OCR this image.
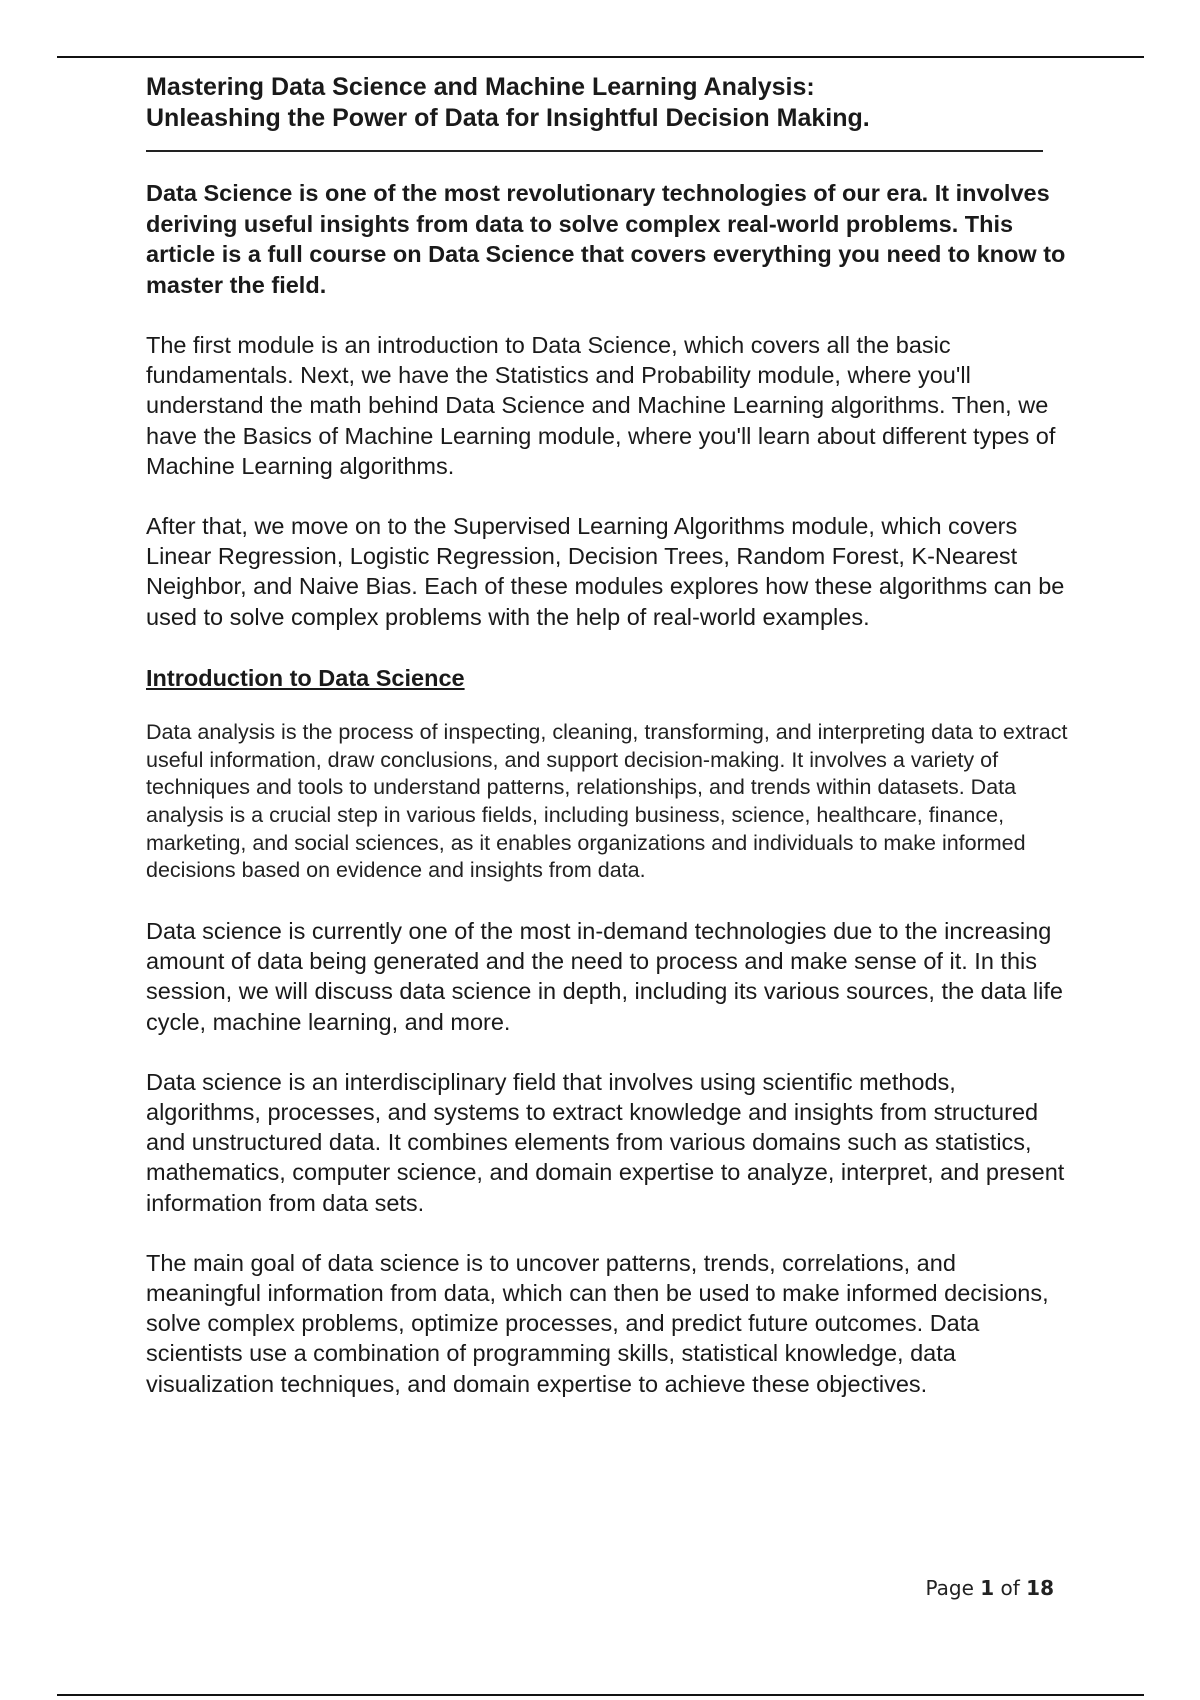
Mastering Data Science and Machine Learning Analysis:
Unleashing the Power of Data for Insightful Decision Making.

Data Science is one of the most revolutionary technologies of our era. It involves deriving useful insights from data to solve complex real-world problems. This article is a full course on Data Science that covers everything you need to know to master the field.

The first module is an introduction to Data Science, which covers all the basic fundamentals. Next, we have the Statistics and Probability module, where you'll understand the math behind Data Science and Machine Learning algorithms. Then, we have the Basics of Machine Learning module, where you'll learn about different types of Machine Learning algorithms.

After that, we move on to the Supervised Learning Algorithms module, which covers Linear Regression, Logistic Regression, Decision Trees, Random Forest, K-Nearest Neighbor, and Naive Bias. Each of these modules explores how these algorithms can be used to solve complex problems with the help of real-world examples.

Introduction to Data Science

Data analysis is the process of inspecting, cleaning, transforming, and interpreting data to extract useful information, draw conclusions, and support decision-making. It involves a variety of techniques and tools to understand patterns, relationships, and trends within datasets. Data analysis is a crucial step in various fields, including business, science, healthcare, finance, marketing, and social sciences, as it enables organizations and individuals to make informed decisions based on evidence and insights from data.

Data science is currently one of the most in-demand technologies due to the increasing amount of data being generated and the need to process and make sense of it. In this session, we will discuss data science in depth, including its various sources, the data life cycle, machine learning, and more.

Data science is an interdisciplinary field that involves using scientific methods, algorithms, processes, and systems to extract knowledge and insights from structured and unstructured data. It combines elements from various domains such as statistics, mathematics, computer science, and domain expertise to analyze, interpret, and present information from data sets.

The main goal of data science is to uncover patterns, trends, correlations, and meaningful information from data, which can then be used to make informed decisions, solve complex problems, optimize processes, and predict future outcomes. Data scientists use a combination of programming skills, statistical knowledge, data visualization techniques, and domain expertise to achieve these objectives.

Page 1 of 18
